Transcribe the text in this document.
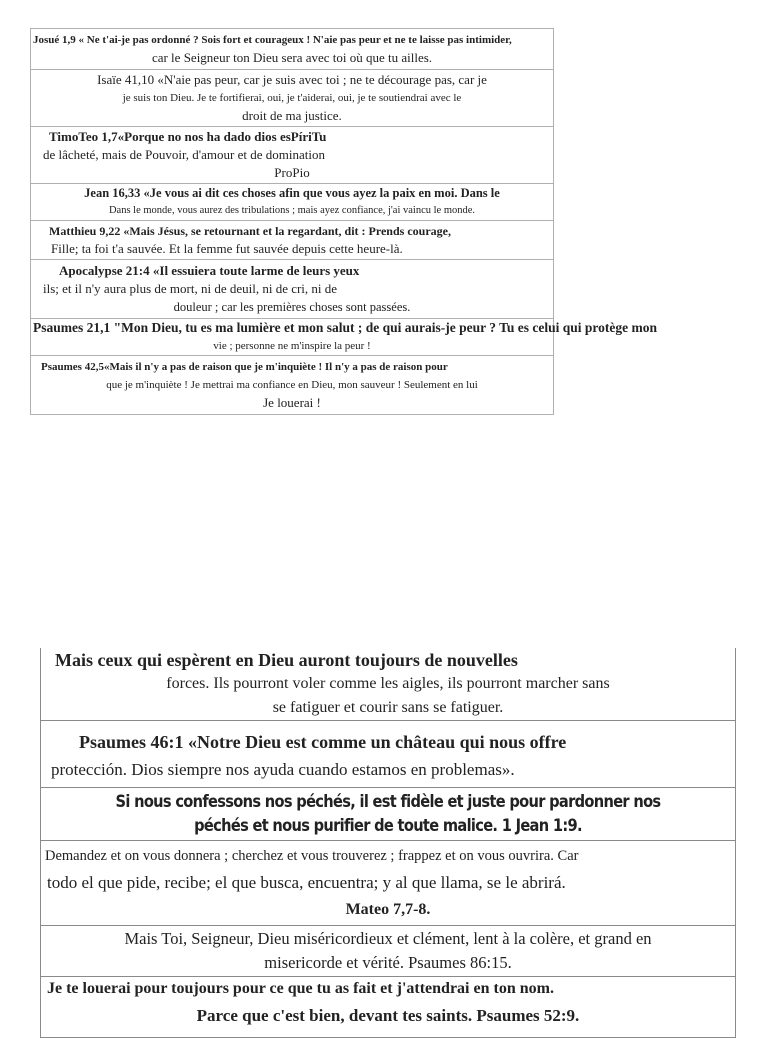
Josué 1,9 « Ne t'ai-je pas ordonné ? Sois fort et courageux ! N'aie pas peur et ne te laisse pas intimider,
car le Seigneur ton Dieu sera avec toi où que tu ailles.

Isaïe 41,10 «N'aie pas peur, car je suis avec toi ; ne te décourage pas, car je
je suis ton Dieu. Je te fortifierai, oui, je t'aiderai, oui, je te soutiendrai avec le
droit de ma justice.

TimoTeo 1,7«Porque no nos ha dado dios esPíriTu
de lâcheté, mais de Pouvoir, d'amour et de domination
ProPio

Jean 16,33 «Je vous ai dit ces choses afin que vous ayez la paix en moi. Dans le
Dans le monde, vous aurez des tribulations ; mais ayez confiance, j'ai vaincu le monde.

Matthieu 9,22 «Mais Jésus, se retournant et la regardant, dit : Prends courage,
Fille; ta foi t'a sauvée. Et la femme fut sauvée depuis cette heure-là.

Apocalypse 21:4 «Il essuiera toute larme de leurs yeux
ils; et il n'y aura plus de mort, ni de deuil, ni de cri, ni de
douleur ; car les premières choses sont passées.

Psaumes 21,1 "Mon Dieu, tu es ma lumière et mon salut ; de qui aurais-je peur ? Tu es celui qui protège mon
vie ; personne ne m'inspire la peur !

Psaumes 42,5«Mais il n'y a pas de raison que je m'inquiète ! Il n'y a pas de raison pour
que je m'inquiète ! Je mettrai ma confiance en Dieu, mon sauveur ! Seulement en lui
Je louerai !
Mais ceux qui espèrent en Dieu auront toujours de nouvelles
forces. Ils pourront voler comme les aigles, ils pourront marcher sans
se fatiguer et courir sans se fatiguer.

Psaumes 46:1 «Notre Dieu est comme un château qui nous offre
protección. Dios siempre nos ayuda cuando estamos en problemas».

Si nous confessons nos péchés, il est fidèle et juste pour pardonner nos
péchés et nous purifier de toute malice. 1 Jean 1:9.

Demandez et on vous donnera ; cherchez et vous trouverez ; frappez et on vous ouvrira. Car
todo el que pide, recibe; el que busca, encuentra; y al que llama, se le abrirá.
Mateo 7,7-8.

Mais Toi, Seigneur, Dieu miséricordieux et clément, lent à la colère, et grand en
misericorde et vérité. Psaumes 86:15.

Je te louerai pour toujours pour ce que tu as fait et j'attendrai en ton nom.
Parce que c'est bien, devant tes saints. Psaumes 52:9.
